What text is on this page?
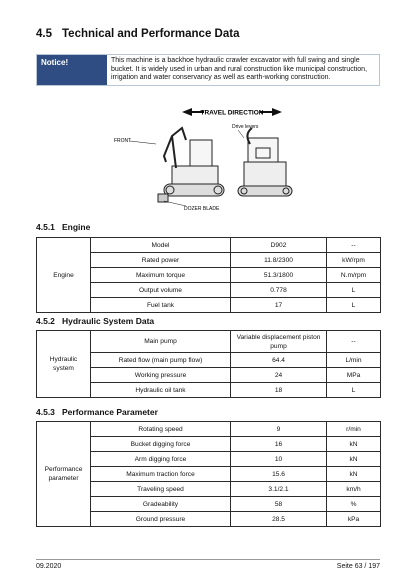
4.5 Technical and Performance Data
Notice!	This machine is a backhoe hydraulic crawler excavator with full swing and single bucket. It is widely used in urban and rural construction like municipal construction, irrigation and water conservancy as well as earth-working construction.
TRAVEL DIRECTION
Drive levers
FRONT
DOZER BLADE
4.5.1 Engine
Engine	Model	D902	--
	Rated power	11.8/2300	kW/rpm
	Maximum torque	51.3/1800	N.m/rpm
	Output volume	0.778	L
	Fuel tank	17	L
4.5.2 Hydraulic System Data
Hydraulic system	Main pump	Variable displacement piston pump	--
	Rated flow (main pump flow)	64.4	L/min
	Working pressure	24	MPa
	Hydraulic oil tank	18	L
4.5.3 Performance Parameter
Performance parameter	Rotating speed	9	r/min
	Bucket digging force	16	kN
	Arm digging force	10	kN
	Maximum traction force	15.6	kN
	Traveling speed	3.1/2.1	km/h
	Gradeability	58	%
	Ground pressure	28.5	kPa
09.2020	Seite 63 / 197
